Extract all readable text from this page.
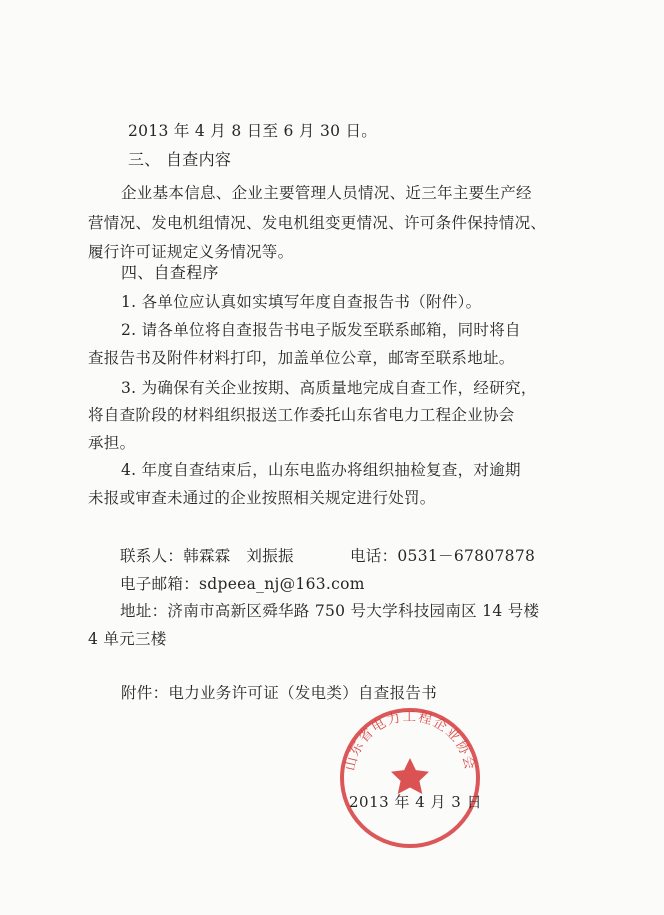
2013 年 4 月 8 日至 6 月 30 日。
三、 自查内容
企业基本信息、企业主要管理人员情况、近三年主要生产经
营情况、发电机组情况、发电机组变更情况、许可条件保持情况、
履行许可证规定义务情况等。
四、自查程序
1. 各单位应认真如实填写年度自查报告书（附件）。
2. 请各单位将自查报告书电子版发至联系邮箱，同时将自
查报告书及附件材料打印，加盖单位公章，邮寄至联系地址。
3. 为确保有关企业按期、高质量地完成自查工作，经研究，
将自查阶段的材料组织报送工作委托山东省电力工程企业协会
承担。
4. 年度自查结束后，山东电监办将组织抽检复查，对逾期
未报或审查未通过的企业按照相关规定进行处罚。
联系人：韩霖霖　刘振振	电话：0531－67807878
电子邮箱：sdpeea_nj@163.com
地址：济南市高新区舜华路 750 号大学科技园南区 14 号楼
4 单元三楼
附件：电力业务许可证（发电类）自查报告书
山东省电力工程企业协会
2013 年 4 月 3 日
